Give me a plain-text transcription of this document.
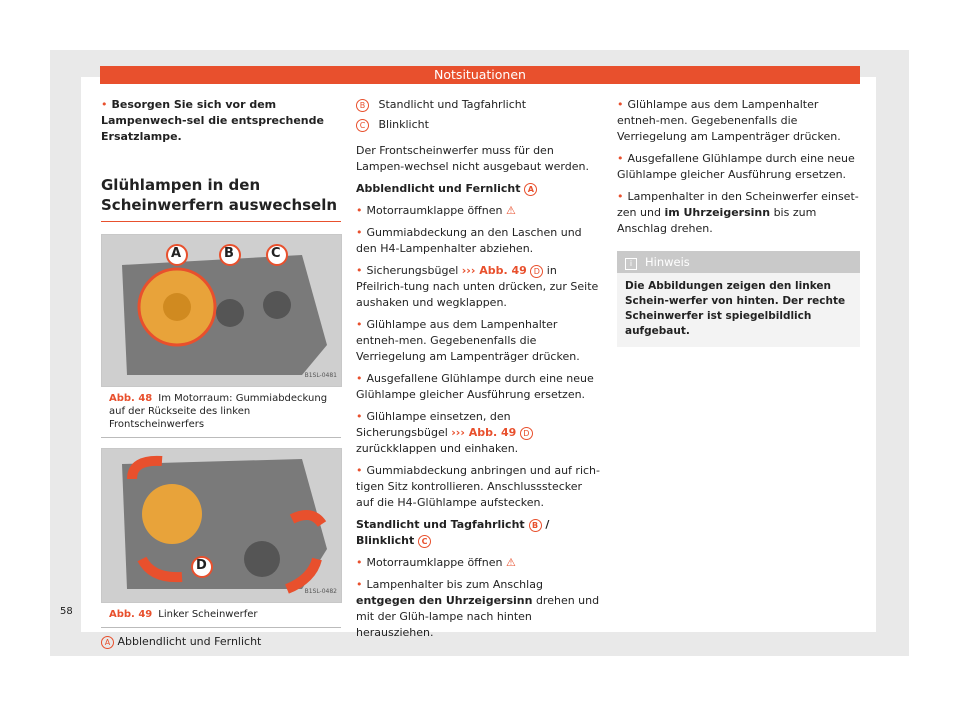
Notsituationen

• Besorgen Sie sich vor dem Lampenwech-sel die entsprechende Ersatzlampe.

Glühlampen in den Scheinwerfern auswechseln
A	B	C
B1SL-0481
Abb. 48 Im Motorraum: Gummiabdeckung auf der Rückseite des linken Frontscheinwerfers
D
B1SL-0482
Abb. 49 Linker Scheinwerfer

A Abblendlicht und Fernlicht

B Standlicht und Tagfahrlicht

C Blinklicht

Der Frontscheinwerfer muss für den Lampen-wechsel nicht ausgebaut werden.

Abblendlicht und Fernlicht A

• Motorraumklappe öffnen ⚠

• Gummiabdeckung an den Laschen und den H4-Lampenhalter abziehen.

• Sicherungsbügel ››› Abb. 49 D in Pfeilrich-tung nach unten drücken, zur Seite aushaken und wegklappen.

• Glühlampe aus dem Lampenhalter entneh-men. Gegebenenfalls die Verriegelung am Lampenträger drücken.

• Ausgefallene Glühlampe durch eine neue Glühlampe gleicher Ausführung ersetzen.

• Glühlampe einsetzen, den Sicherungsbügel ››› Abb. 49 D zurückklappen und einhaken.

• Gummiabdeckung anbringen und auf rich-tigen Sitz kontrollieren. Anschlussstecker auf die H4-Glühlampe aufstecken.

Standlicht und Tagfahrlicht B / Blinklicht C

• Motorraumklappe öffnen ⚠

• Lampenhalter bis zum Anschlag entgegen den Uhrzeigersinn drehen und mit der Glüh-lampe nach hinten herausziehen.

• Glühlampe aus dem Lampenhalter entneh-men. Gegebenenfalls die Verriegelung am Lampenträger drücken.

• Ausgefallene Glühlampe durch eine neue Glühlampe gleicher Ausführung ersetzen.

• Lampenhalter in den Scheinwerfer einset-zen und im Uhrzeigersinn bis zum Anschlag drehen.

i Hinweis
Die Abbildungen zeigen den linken Schein-werfer von hinten. Der rechte Scheinwerfer ist spiegelbildlich aufgebaut.
58
